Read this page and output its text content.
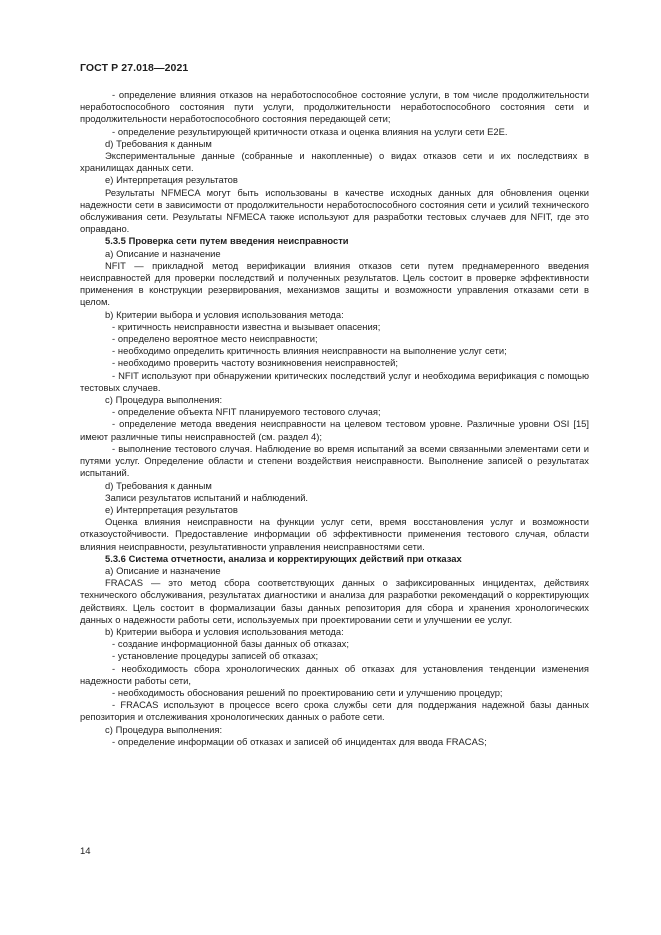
ГОСТ Р 27.018—2021

- определение влияния отказов на неработоспособное состояние услуги, в том числе продолжительности неработоспособного состояния пути услуги, продолжительности неработоспособного состояния сети и продолжительности неработоспособного состояния передающей сети;

- определение результирующей критичности отказа и оценка влияния на услуги сети E2E.

d) Требования к данным

Экспериментальные данные (собранные и накопленные) о видах отказов сети и их последствиях в хранилищах данных сети.

e) Интерпретация результатов

Результаты NFMECA могут быть использованы в качестве исходных данных для обновления оценки надежности сети в зависимости от продолжительности неработоспособного состояния сети и усилий технического обслуживания сети. Результаты NFMECA также используют для разработки тестовых случаев для NFIT, где это оправдано.

5.3.5 Проверка сети путем введения неисправности

a) Описание и назначение

NFIT — прикладной метод верификации влияния отказов сети путем преднамеренного введения неисправностей для проверки последствий и полученных результатов. Цель состоит в проверке эффективности применения в конструкции резервирования, механизмов защиты и возможности управления отказами сети в целом.

b) Критерии выбора и условия использования метода:

- критичность неисправности известна и вызывает опасения;

- определено вероятное место неисправности;

- необходимо определить критичность влияния неисправности на выполнение услуг сети;

- необходимо проверить частоту возникновения неисправностей;

- NFIT используют при обнаружении критических последствий услуг и необходима верификация с помощью тестовых случаев.

c) Процедура выполнения:

- определение объекта NFIT планируемого тестового случая;

- определение метода введения неисправности на целевом тестовом уровне. Различные уровни OSI [15] имеют различные типы неисправностей (см. раздел 4);

- выполнение тестового случая. Наблюдение во время испытаний за всеми связанными элементами сети и путями услуг. Определение области и степени воздействия неисправности. Выполнение записей о результатах испытаний.

d) Требования к данным

Записи результатов испытаний и наблюдений.

e) Интерпретация результатов

Оценка влияния неисправности на функции услуг сети, время восстановления услуг и возможности отказоустойчивости. Предоставление информации об эффективности применения тестового случая, области влияния неисправности, результативности управления неисправностями сети.

5.3.6 Система отчетности, анализа и корректирующих действий при отказах

a) Описание и назначение

FRACAS — это метод сбора соответствующих данных о зафиксированных инцидентах, действиях технического обслуживания, результатах диагностики и анализа для разработки рекомендаций о корректирующих действиях. Цель состоит в формализации базы данных репозитория для сбора и хранения хронологических данных о надежности работы сети, используемых при проектировании сети и улучшении ее услуг.

b) Критерии выбора и условия использования метода:

- создание информационной базы данных об отказах;

- установление процедуры записей об отказах;

- необходимость сбора хронологических данных об отказах для установления тенденции изменения надежности работы сети,

- необходимость обоснования решений по проектированию сети и улучшению процедур;

- FRACAS используют в процессе всего срока службы сети для поддержания надежной базы данных репозитория и отслеживания хронологических данных о работе сети.

c) Процедура выполнения:

- определение информации об отказах и записей об инцидентах для ввода FRACAS;

14
